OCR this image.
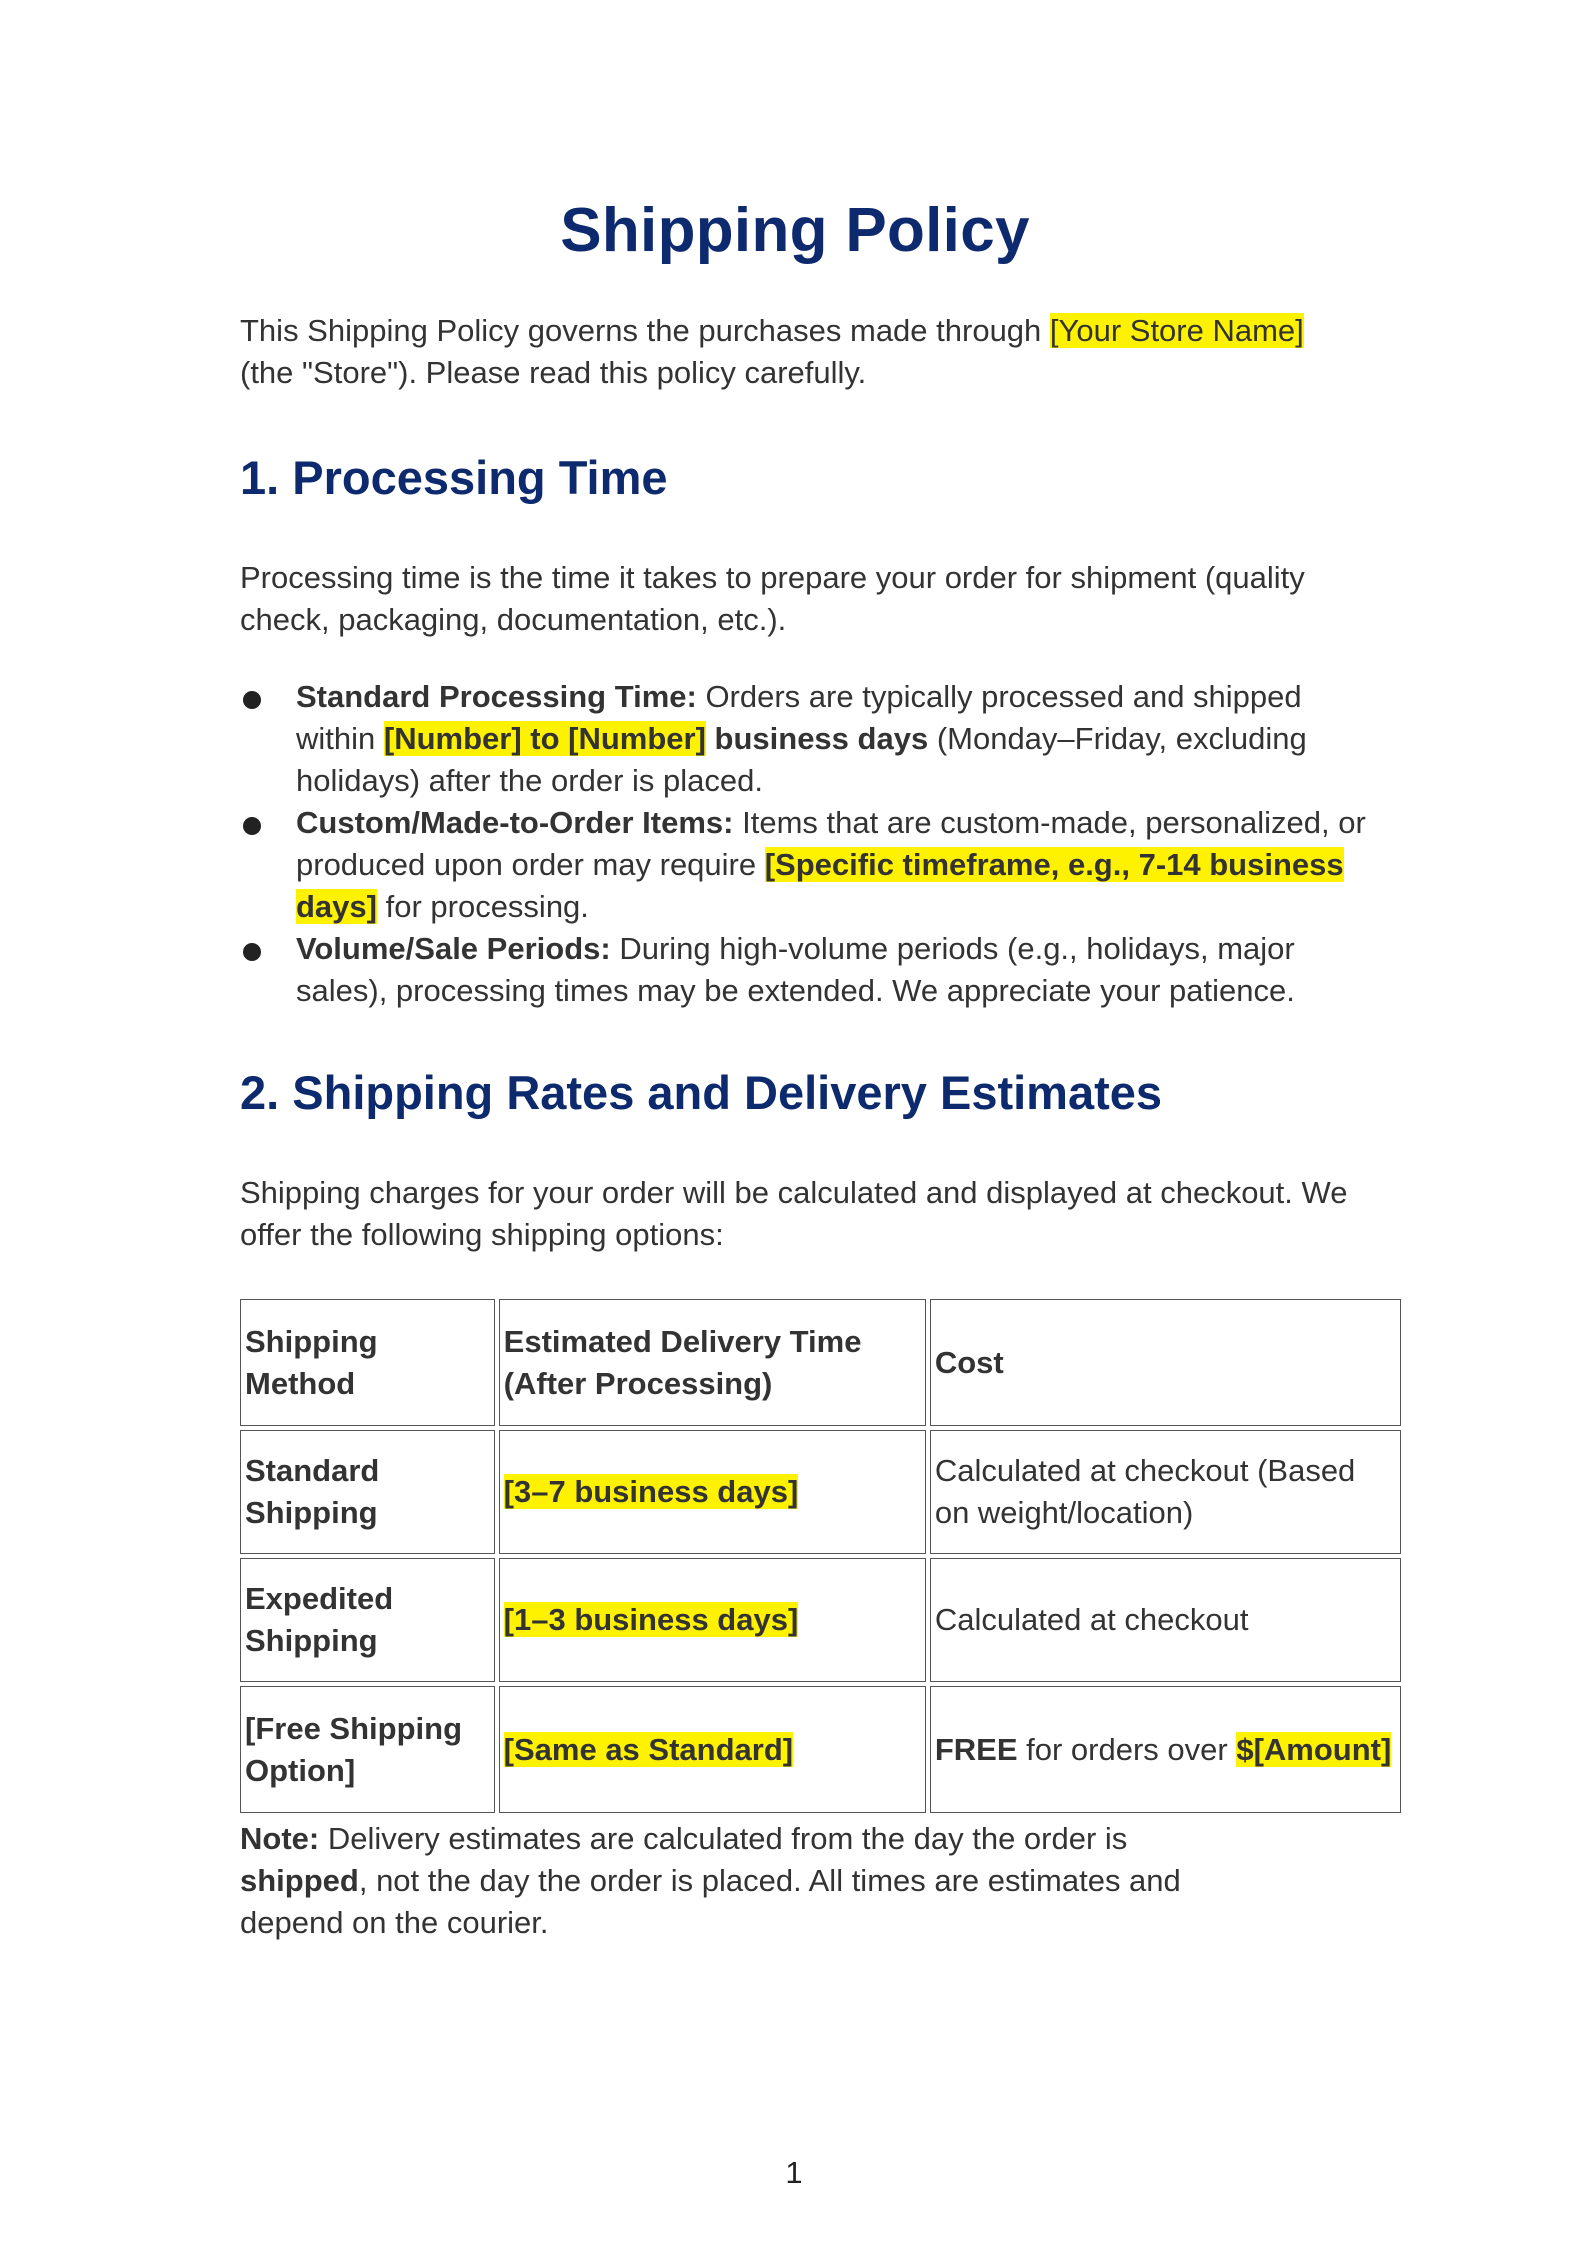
Shipping Policy

This Shipping Policy governs the purchases made through [Your Store Name] (the "Store"). Please read this policy carefully.

1. Processing Time

Processing time is the time it takes to prepare your order for shipment (quality check, packaging, documentation, etc.).

Standard Processing Time: Orders are typically processed and shipped within [Number] to [Number] business days (Monday–Friday, excluding holidays) after the order is placed.
Custom/Made-to-Order Items: Items that are custom-made, personalized, or produced upon order may require [Specific timeframe, e.g., 7-14 business days] for processing.
Volume/Sale Periods: During high-volume periods (e.g., holidays, major sales), processing times may be extended. We appreciate your patience.
2. Shipping Rates and Delivery Estimates

Shipping charges for your order will be calculated and displayed at checkout. We offer the following shipping options:

Shipping Method	Estimated Delivery Time (After Processing)	Cost
Standard Shipping	[3–7 business days]	Calculated at checkout (Based on weight/location)
Expedited Shipping	[1–3 business days]	Calculated at checkout
[Free Shipping Option]	[Same as Standard]	FREE for orders over $[Amount]

Note: Delivery estimates are calculated from the day the order is shipped, not the day the order is placed. All times are estimates and depend on the courier.

1
